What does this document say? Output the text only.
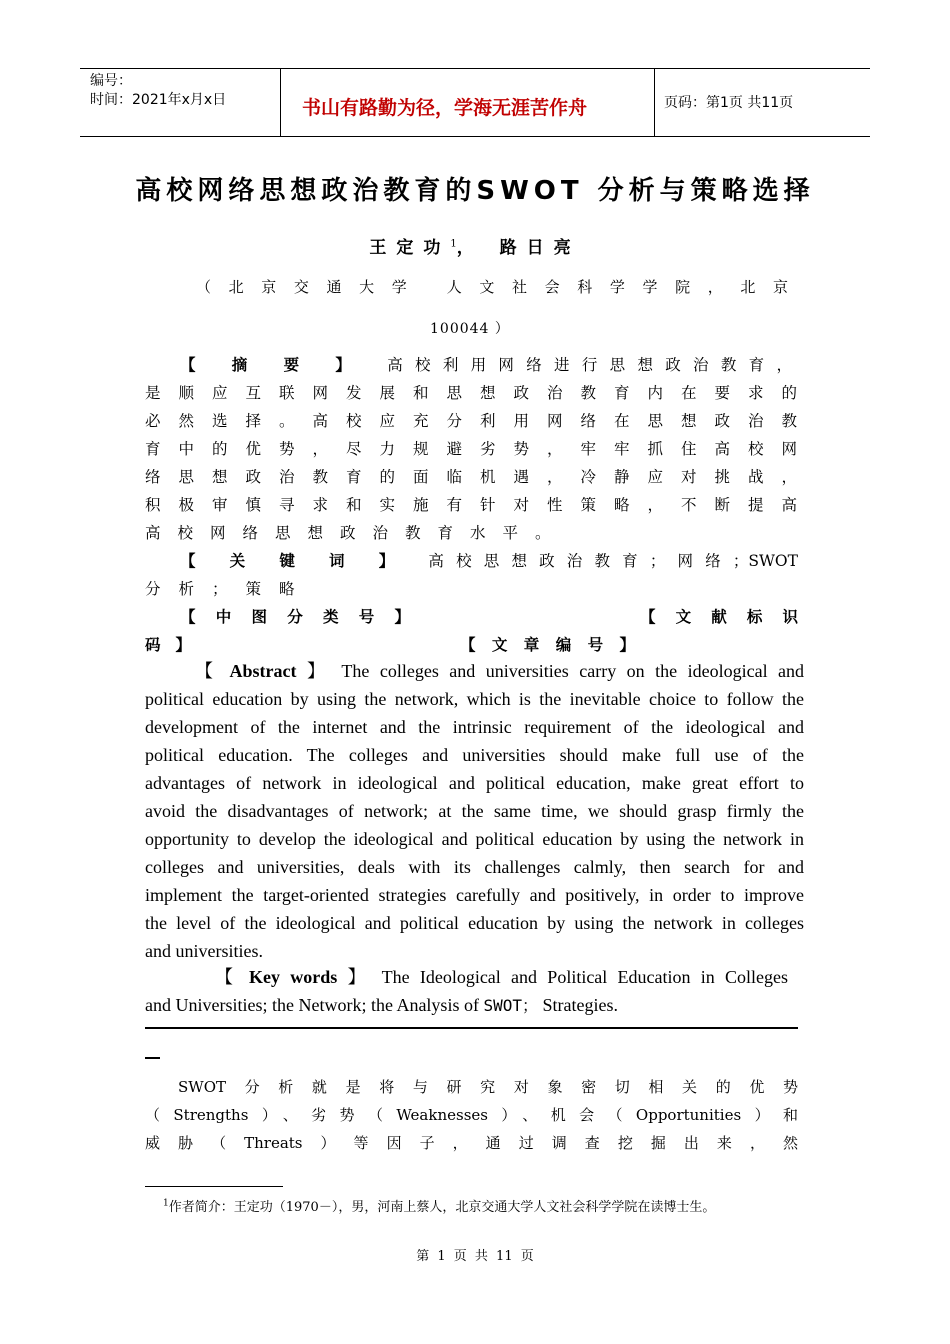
编号：
时间：2021年x月x日	书山有路勤为径，学海无涯苦作舟	页码：第1页 共11页
高校网络思想政治教育的SWOT 分析与策略选择
王定功$^1$， 路日亮
（北京交通大学 人文社会科学学院，北京
100044 ）
【摘要】高校利用网络进行思想政治教育，
是顺应互联网发展和思想政治教育内在要求的
必然选择。高校应充分利用网络在思想政治教
育中的优势，尽力规避劣势，牢牢抓住高校网
络思想政治教育的面临机遇，冷静应对挑战，
积极审慎寻求和实施有针对性策略，不断提高
高校网络思想政治教育水平。
【关键词】高校思想政治教育；网络；SWOT
分析；策略
【中图分类号】	【文献标识
码】	【文章编号】
【 Abstract 】 The colleges and universities carry on the ideological and
political education by using the network, which is the inevitable choice to follow the
development of the internet and the intrinsic requirement of the ideological and
political education. The colleges and universities should make full use of the
advantages of network in ideological and political education, make great effort to
avoid the disadvantages of network; at the same time, we should grasp firmly the
opportunity to develop the ideological and political education by using the network in
colleges and universities, deals with its challenges calmly, then search for and
implement the target-oriented strategies carefully and positively, in order to improve
the level of the ideological and political education by using the network in colleges
and universities.
【 Key words 】 The Ideological and Political Education in Colleges
and Universities; the Network; the Analysis of SWOT； Strategies.
SWOT分析就是将与研究对象密切相关的优势
（Strengths）、劣势（Weaknesses）、机会（Opportunities）和
威胁（Threats）等因子，通过调查挖掘出来，然
$^1$作者简介：王定功（1970－），男，河南上蔡人，北京交通大学人文社会科学学院在读博士生。
第 1 页 共 11 页
